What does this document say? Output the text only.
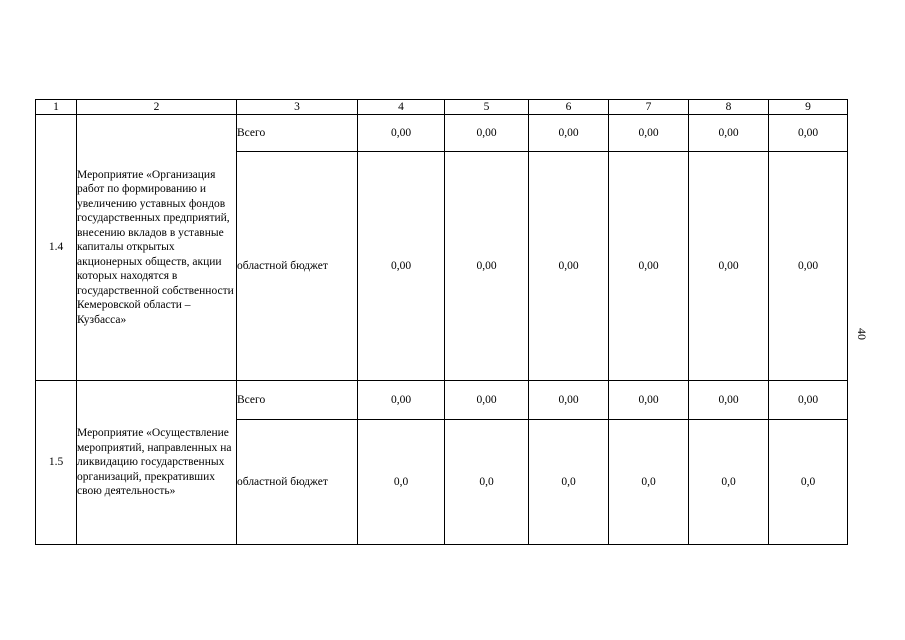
1	2	3	4	5	6	7	8	9
1.4	Мероприятие «Организация работ по формированию и увеличению уставных фондов государственных предприятий, внесению вкладов в уставные капиталы открытых акционерных обществ, акции которых находятся в государственной собственности Кемеровской области – Кузбасса»	Всего	0,00	0,00	0,00	0,00	0,00	0,00
		областной бюджет	0,00	0,00	0,00	0,00	0,00	0,00
1.5	Мероприятие «Осуществление мероприятий, направленных на ликвидацию государственных организаций, прекративших свою деятельность»	Всего	0,00	0,00	0,00	0,00	0,00	0,00
		областной бюджет	0,0	0,0	0,0	0,0	0,0	0,0
40
